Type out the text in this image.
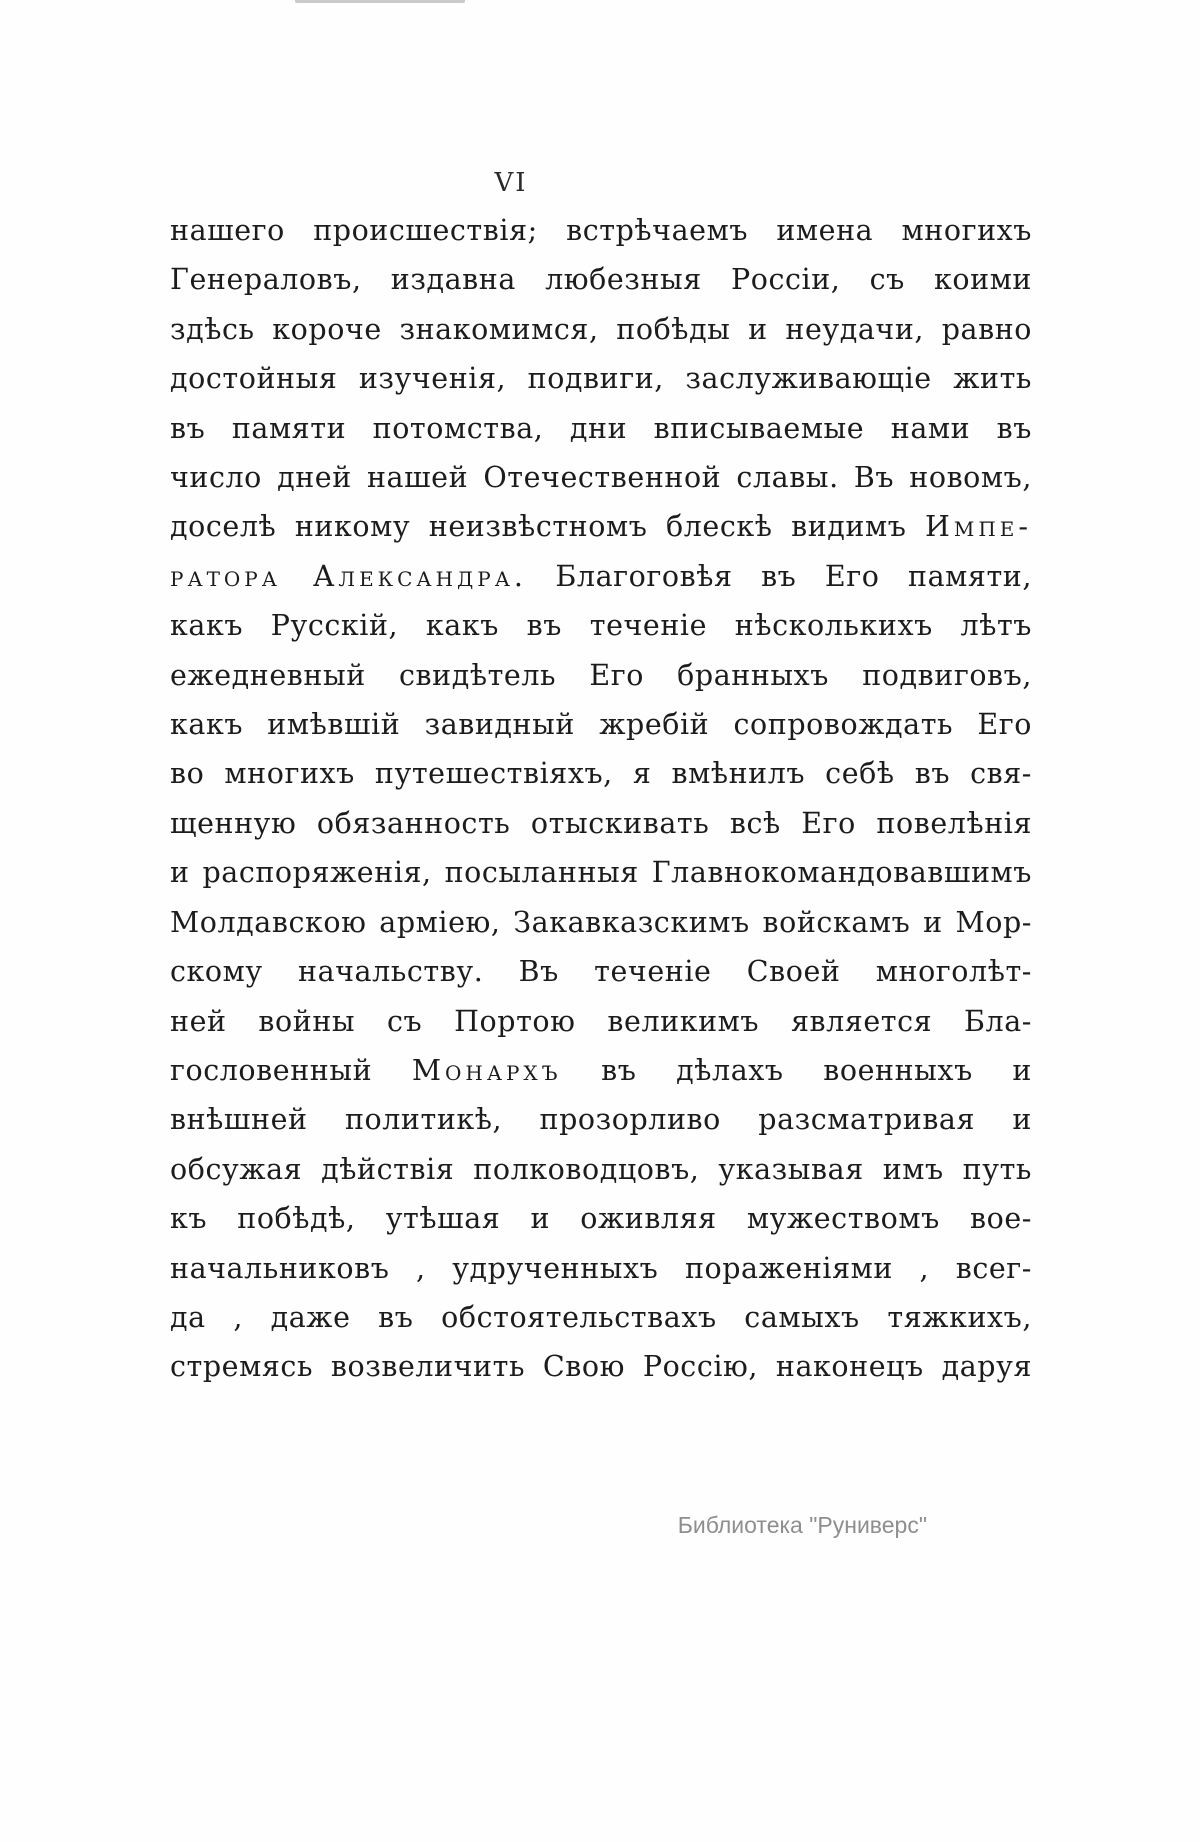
VI
нашего происшествія; встрѣчаемъ имена многихъ
Генераловъ, издавна любезныя Россіи, съ коими
здѣсь короче знакомимся, побѣды и неудачи, равно
достойныя изученія, подвиги, заслуживающіе жить
въ памяти потомства, дни вписываемые нами въ
число дней нашей Отечественной славы. Въ новомъ,
доселѣ никому неизвѣстномъ блескѣ видимъ Импе-
ратора Александра. Благоговѣя въ Его памяти,
какъ Русскій, какъ въ теченіе нѣсколькихъ лѣтъ
ежедневный свидѣтель Его бранныхъ подвиговъ,
какъ имѣвшій завидный жребій сопровождать Его
во многихъ путешествіяхъ, я вмѣнилъ себѣ въ свя-
щенную обязанность отыскивать всѣ Его повелѣнія
и распоряженія, посыланныя Главнокомандовавшимъ
Молдавскою арміею, Закавказскимъ войскамъ и Мор-
скому начальству. Въ теченіе Своей многолѣт-
ней войны съ Портою великимъ является Бла-
гословенный Монархъ въ дѣлахъ военныхъ и
внѣшней политикѣ, прозорливо разсматривая и
обсужая дѣйствія полководцовъ, указывая имъ путь
къ побѣдѣ, утѣшая и оживляя мужествомъ вое-
начальниковъ , удрученныхъ пораженіями , всег-
да , даже въ обстоятельствахъ самыхъ тяжкихъ,
стремясь возвеличить Свою Россію, наконецъ даруя
Библиотека "Руниверс"
